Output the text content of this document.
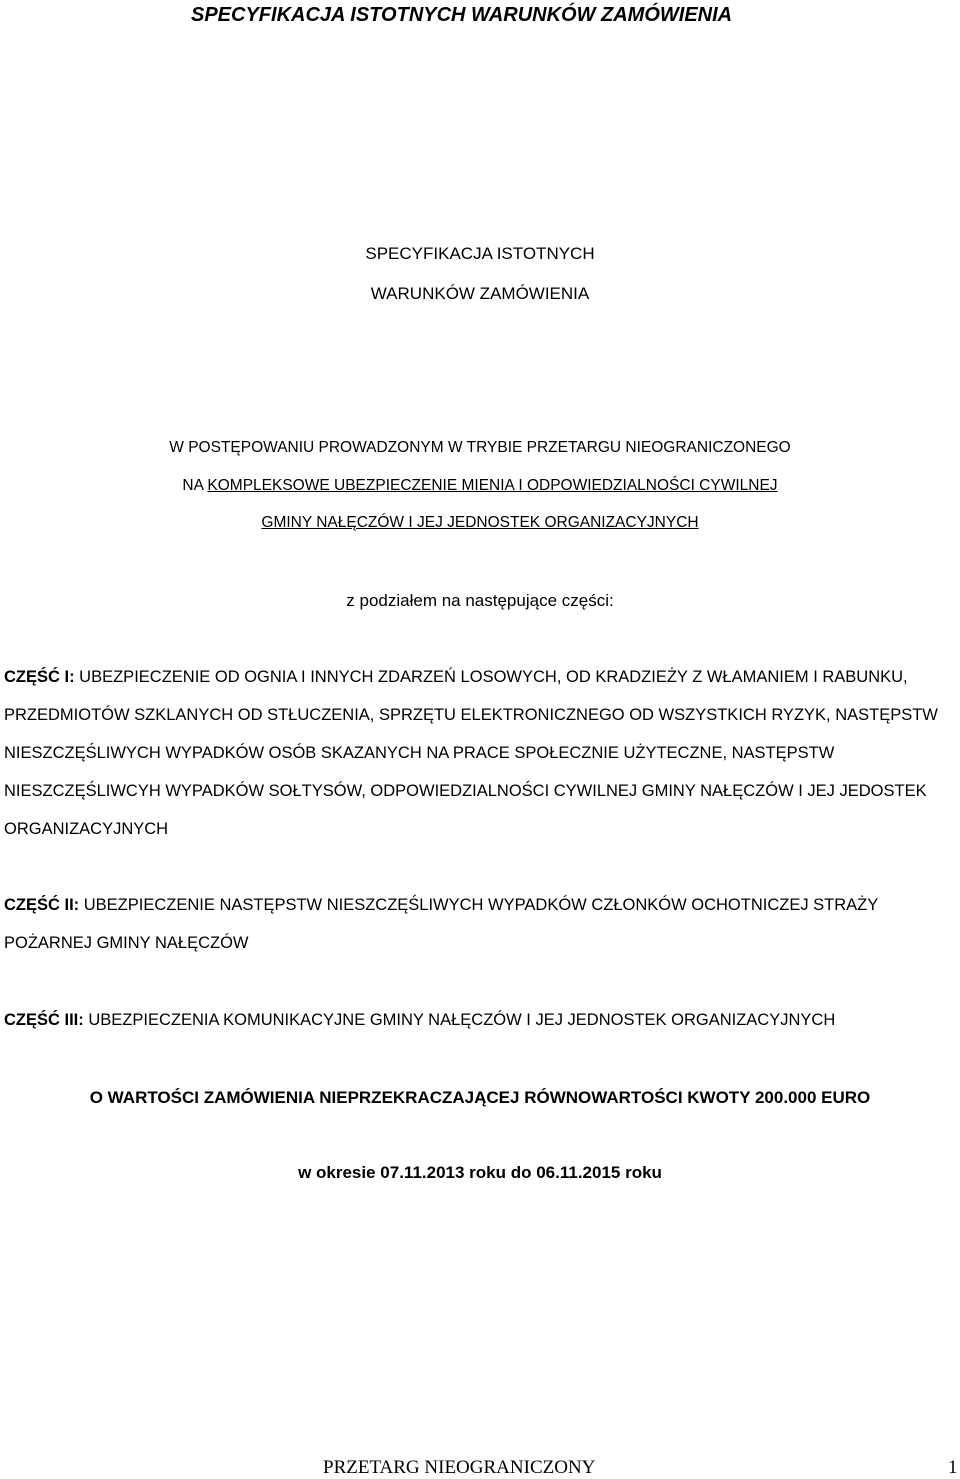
SPECYFIKACJA ISTOTNYCH WARUNKÓW ZAMÓWIENIA
SPECYFIKACJA ISTOTNYCH
WARUNKÓW ZAMÓWIENIA
W POSTĘPOWANIU PROWADZONYM W TRYBIE PRZETARGU NIEOGRANICZONEGO
NA KOMPLEKSOWE UBEZPIECZENIE MIENIA I ODPOWIEDZIALNOŚCI CYWILNEJ
GMINY NAŁĘCZÓW I JEJ JEDNOSTEK ORGANIZACYJNYCH
z podziałem na następujące części:
CZĘŚĆ I: UBEZPIECZENIE OD OGNIA I INNYCH ZDARZEŃ LOSOWYCH, OD KRADZIEŻY Z WŁAMANIEM I RABUNKU,
PRZEDMIOTÓW SZKLANYCH OD STŁUCZENIA, SPRZĘTU ELEKTRONICZNEGO OD WSZYSTKICH RYZYK, NASTĘPSTW
NIESZCZĘŚLIWYCH WYPADKÓW OSÓB SKAZANYCH NA PRACE SPOŁECZNIE UŻYTECZNE, NASTĘPSTW
NIESZCZĘŚLIWCYH WYPADKÓW SOŁTYSÓW, ODPOWIEDZIALNOŚCI CYWILNEJ GMINY NAŁĘCZÓW I JEJ JEDOSTEK
ORGANIZACYJNYCH
CZĘŚĆ II: UBEZPIECZENIE NASTĘPSTW NIESZCZĘŚLIWYCH WYPADKÓW CZŁONKÓW OCHOTNICZEJ STRAŻY
POŻARNEJ GMINY NAŁĘCZÓW
CZĘŚĆ III: UBEZPIECZENIA KOMUNIKACYJNE GMINY NAŁĘCZÓW I JEJ JEDNOSTEK ORGANIZACYJNYCH
O WARTOŚCI ZAMÓWIENIA NIEPRZEKRACZAJĄCEJ RÓWNOWARTOŚCI KWOTY 200.000 EURO
w okresie 07.11.2013 roku do 06.11.2015 roku
PRZETARG NIEOGRANICZONY	1
